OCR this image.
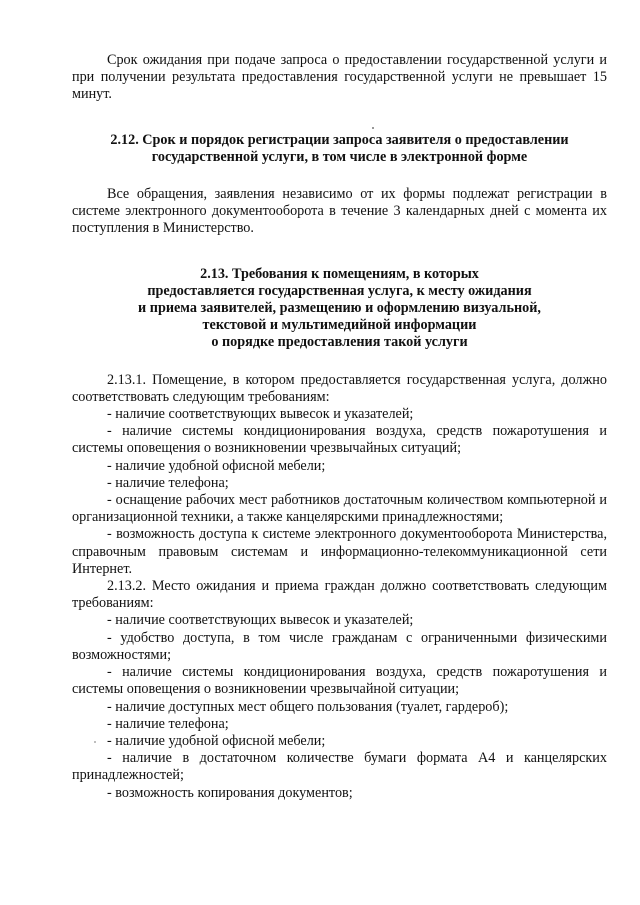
Срок ожидания при подаче запроса о предоставлении государственной услуги и при получении результата предоставления государственной услуги не превышает 15 минут.

2.12. Срок и порядок регистрации запроса заявителя о предоставлении
государственной услуги, в том числе в электронной форме

Все обращения, заявления независимо от их формы подлежат регистрации в системе электронного документооборота в течение 3 календарных дней с момента их поступления в Министерство.

2.13. Требования к помещениям, в которых
предоставляется государственная услуга, к месту ожидания
и приема заявителей, размещению и оформлению визуальной,
текстовой и мультимедийной информации
о порядке предоставления такой услуги

2.13.1. Помещение, в котором предоставляется государственная услуга, должно соответствовать следующим требованиям:

- наличие соответствующих вывесок и указателей;

- наличие системы кондиционирования воздуха, средств пожаротушения и системы оповещения о возникновении чрезвычайных ситуаций;

- наличие удобной офисной мебели;

- наличие телефона;

- оснащение рабочих мест работников достаточным количеством компьютерной и организационной техники, а также канцелярскими принадлежностями;

- возможность доступа к системе электронного документооборота Министерства, справочным правовым системам и информационно-телекоммуникационной сети Интернет.

2.13.2. Место ожидания и приема граждан должно соответствовать следующим требованиям:

- наличие соответствующих вывесок и указателей;

- удобство доступа, в том числе гражданам с ограниченными физическими возможностями;

- наличие системы кондиционирования воздуха, средств пожаротушения и системы оповещения о возникновении чрезвычайной ситуации;

- наличие доступных мест общего пользования (туалет, гардероб);

- наличие телефона;

- наличие удобной офисной мебели;

- наличие в достаточном количестве бумаги формата А4 и канцелярских принадлежностей;

- возможность копирования документов;
